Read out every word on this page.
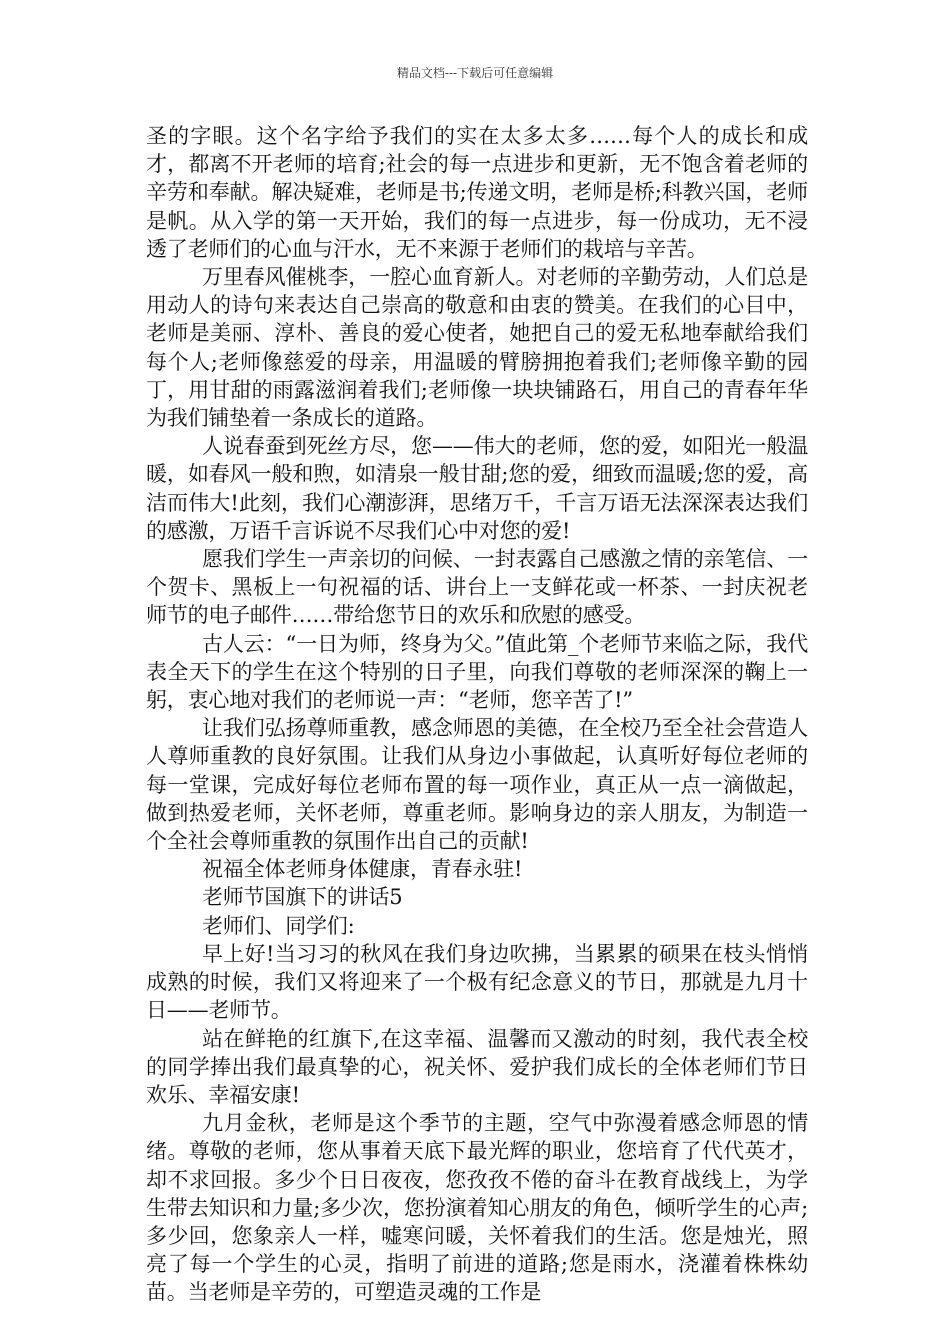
精品文档---下载后可任意编辑

圣的字眼。这个名字给予我们的实在太多太多……每个人的成长和成才，都离不开老师的培育;社会的每一点进步和更新，无不饱含着老师的辛劳和奉献。解决疑难，老师是书;传递文明，老师是桥;科教兴国，老师是帆。从入学的第一天开始，我们的每一点进步，每一份成功，无不浸透了老师们的心血与汗水，无不来源于老师们的栽培与辛苦。

万里春风催桃李，一腔心血育新人。对老师的辛勤劳动，人们总是用动人的诗句来表达自己崇高的敬意和由衷的赞美。在我们的心目中，老师是美丽、淳朴、善良的爱心使者，她把自己的爱无私地奉献给我们每个人;老师像慈爱的母亲，用温暖的臂膀拥抱着我们;老师像辛勤的园丁，用甘甜的雨露滋润着我们;老师像一块块铺路石，用自己的青春年华为我们铺垫着一条成长的道路。

人说春蚕到死丝方尽，您——伟大的老师，您的爱，如阳光一般温暖，如春风一般和煦，如清泉一般甘甜;您的爱，细致而温暖;您的爱，高洁而伟大!此刻，我们心潮澎湃，思绪万千，千言万语无法深深表达我们的感激，万语千言诉说不尽我们心中对您的爱!

愿我们学生一声亲切的问候、一封表露自己感激之情的亲笔信、一个贺卡、黑板上一句祝福的话、讲台上一支鲜花或一杯茶、一封庆祝老师节的电子邮件……带给您节日的欢乐和欣慰的感受。

古人云：“一日为师，终身为父。”值此第_个老师节来临之际，我代表全天下的学生在这个特别的日子里，向我们尊敬的老师深深的鞠上一躬，衷心地对我们的老师说一声：“老师，您辛苦了!”

让我们弘扬尊师重教，感念师恩的美德，在全校乃至全社会营造人人尊师重教的良好氛围。让我们从身边小事做起，认真听好每位老师的每一堂课，完成好每位老师布置的每一项作业，真正从一点一滴做起，做到热爱老师，关怀老师，尊重老师。影响身边的亲人朋友，为制造一个全社会尊师重教的氛围作出自己的贡献!

祝福全体老师身体健康，青春永驻!

老师节国旗下的讲话5

老师们、同学们:

早上好!当习习的秋风在我们身边吹拂，当累累的硕果在枝头悄悄成熟的时候，我们又将迎来了一个极有纪念意义的节日，那就是九月十日——老师节。

站在鲜艳的红旗下,在这幸福、温馨而又激动的时刻，我代表全校的同学捧出我们最真挚的心，祝关怀、爱护我们成长的全体老师们节日欢乐、幸福安康!

九月金秋，老师是这个季节的主题，空气中弥漫着感念师恩的情绪。尊敬的老师，您从事着天底下最光辉的职业，您培育了代代英才，却不求回报。多少个日日夜夜，您孜孜不倦的奋斗在教育战线上，为学生带去知识和力量;多少次，您扮演着知心朋友的角色，倾听学生的心声;多少回，您象亲人一样，嘘寒问暖，关怀着我们的生活。您是烛光，照亮了每一个学生的心灵，指明了前进的道路;您是雨水，浇灌着株株幼苗。当老师是辛劳的，可塑造灵魂的工作是
